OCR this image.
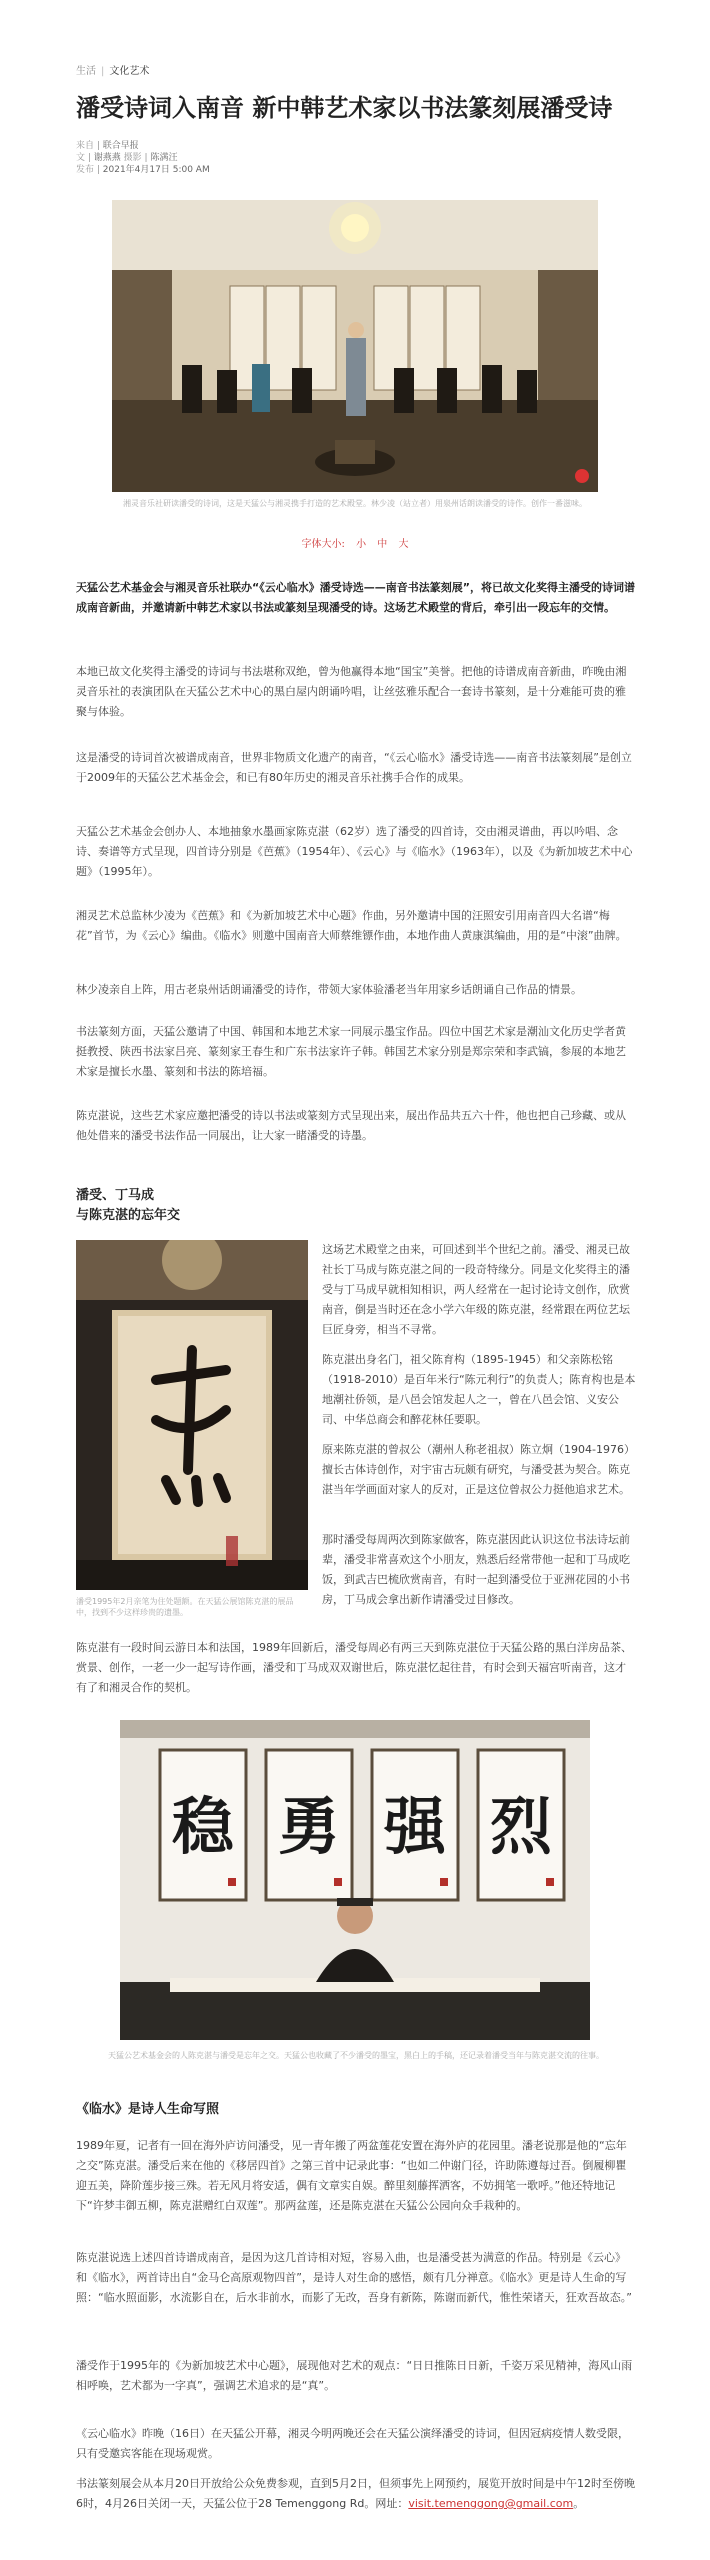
生活 | 文化艺术
潘受诗词入南音 新中韩艺术家以书法篆刻展潘受诗
来自 | 联合早报
文 | 谢燕燕 摄影 | 陈满汪
发布 | 2021年4月17日 5:00 AM
湘灵音乐社研读潘受的诗词，这是天猛公与湘灵携手打造的艺术殿堂。林少凌（站立者）用泉州话朗读潘受的诗作。创作一番滋味。
字体大小: 小 中 大

天猛公艺术基金会与湘灵音乐社联办“《云心临水》潘受诗选——南音书法篆刻展”，将已故文化奖得主潘受的诗词谱成南音新曲，并邀请新中韩艺术家以书法或篆刻呈现潘受的诗。这场艺术殿堂的背后，牵引出一段忘年的交情。

本地已故文化奖得主潘受的诗词与书法堪称双绝，曾为他赢得本地“国宝”美誉。把他的诗谱成南音新曲，昨晚由湘灵音乐社的表演团队在天猛公艺术中心的黑白屋内朗诵吟唱，让丝弦雅乐配合一套诗书篆刻，是十分难能可贵的雅聚与体验。

这是潘受的诗词首次被谱成南音，世界非物质文化遗产的南音，“《云心临水》潘受诗选——南音书法篆刻展”是创立于2009年的天猛公艺术基金会，和已有80年历史的湘灵音乐社携手合作的成果。

天猛公艺术基金会创办人、本地抽象水墨画家陈克湛（62岁）选了潘受的四首诗，交由湘灵谱曲，再以吟唱、念诗、奏谱等方式呈现，四首诗分别是《芭蕉》（1954年）、《云心》与《临水》（1963年），以及《为新加坡艺术中心题》（1995年）。

湘灵艺术总监林少凌为《芭蕉》和《为新加坡艺术中心题》作曲，另外邀请中国的汪照安引用南音四大名谱“梅花”首节，为《云心》编曲。《临水》则邀中国南音大师蔡维镖作曲，本地作曲人黄康淇编曲，用的是“中滚”曲牌。

林少凌亲自上阵，用古老泉州话朗诵潘受的诗作，带领大家体验潘老当年用家乡话朗诵自己作品的情景。

书法篆刻方面，天猛公邀请了中国、韩国和本地艺术家一同展示墨宝作品。四位中国艺术家是潮汕文化历史学者黄挺教授、陕西书法家吕亮、篆刻家王春生和广东书法家许子韩。韩国艺术家分别是郑宗荣和李武镐，参展的本地艺术家是擅长水墨、篆刻和书法的陈培福。

陈克湛说，这些艺术家应邀把潘受的诗以书法或篆刻方式呈现出来，展出作品共五六十件，他也把自己珍藏、或从他处借来的潘受书法作品一同展出，让大家一睹潘受的诗墨。

潘受、丁马成
与陈克湛的忘年交
潘受1995年2月亲笔为住处题额。在天猛公展馆陈克湛的展品中，找到不少这样珍贵的遗墨。

这场艺术殿堂之由来，可回述到半个世纪之前。潘受、湘灵已故社长丁马成与陈克湛之间的一段奇特缘分。同是文化奖得主的潘受与丁马成早就相知相识，两人经常在一起讨论诗文创作，欣赏南音，倒是当时还在念小学六年级的陈克湛，经常跟在两位艺坛巨匠身旁，相当不寻常。

陈克湛出身名门，祖父陈育构（1895-1945）和父亲陈松铭（1918-2010）是百年米行“陈元利行”的负责人；陈育构也是本地潮社侨领，是八邑会馆发起人之一，曾在八邑会馆、义安公司、中华总商会和醉花林任要职。

原来陈克湛的曾叔公（潮州人称老祖叔）陈立炯（1904-1976）擅长古体诗创作，对宇宙古玩颇有研究，与潘受甚为契合。陈克湛当年学画面对家人的反对，正是这位曾叔公力挺他追求艺术。

那时潘受每周两次到陈家做客，陈克湛因此认识这位书法诗坛前辈，潘受非常喜欢这个小朋友，熟悉后经常带他一起和丁马成吃饭，到武吉巴梳欣赏南音，有时一起到潘受位于亚洲花园的小书房，丁马成会拿出新作请潘受过目修改。

陈克湛有一段时间云游日本和法国，1989年回新后，潘受每周必有两三天到陈克湛位于天猛公路的黑白洋房品茶、赏景、创作，一老一少一起写诗作画，潘受和丁马成双双谢世后，陈克湛忆起往昔，有时会到天福宫听南音，这才有了和湘灵合作的契机。

稳 勇 强 烈
天猛公艺术基金会的人陈克湛与潘受是忘年之交。天猛公也收藏了不少潘受的墨宝，黑白上的手稿，还记录着潘受当年与陈克湛交流的往事。
《临水》是诗人生命写照

1989年夏，记者有一回在海外庐访问潘受，见一青年搬了两盆莲花安置在海外庐的花园里。潘老说那是他的“忘年之交”陈克湛。潘受后来在他的《移居四首》之第三首中记录此事：“也如二仲谢门径，许助陈遵每过吾。倒履柳瞿迎五美，降阶莲步接三殊。若无风月将安适，偶有文章实自娱。醉里刻藤挥洒客，不妨拥笔一歌呼。”他还特地记下“许梦丰御五柳，陈克湛赠红白双莲”。那两盆莲，还是陈克湛在天猛公公园向众手栽种的。

陈克湛说选上述四首诗谱成南音，是因为这几首诗相对短，容易入曲，也是潘受甚为满意的作品。特别是《云心》和《临水》，两首诗出自“金马仑高原观物四首”，是诗人对生命的感悟，颇有几分禅意。《临水》更是诗人生命的写照：“临水照面影，水流影自在，后水非前水，而影了无改，吾身有新陈，陈谢而新代，惟性荣诸天，狂欢吾故态。”

潘受作于1995年的《为新加坡艺术中心题》，展现他对艺术的观点：“日日推陈日日新，千姿万采见精神，海风山雨相呼唤，艺术都为一字真”，强调艺术追求的是“真”。

《云心临水》昨晚（16日）在天猛公开幕，湘灵今明两晚还会在天猛公演绎潘受的诗词，但因冠病疫情人数受限，只有受邀宾客能在现场观赏。

书法篆刻展会从本月20日开放给公众免费参观，直到5月2日，但须事先上网预约，展览开放时间是中午12时至傍晚6时，4月26日关闭一天，天猛公位于28 Temenggong Rd。网址：visit.temenggong@gmail.com。
